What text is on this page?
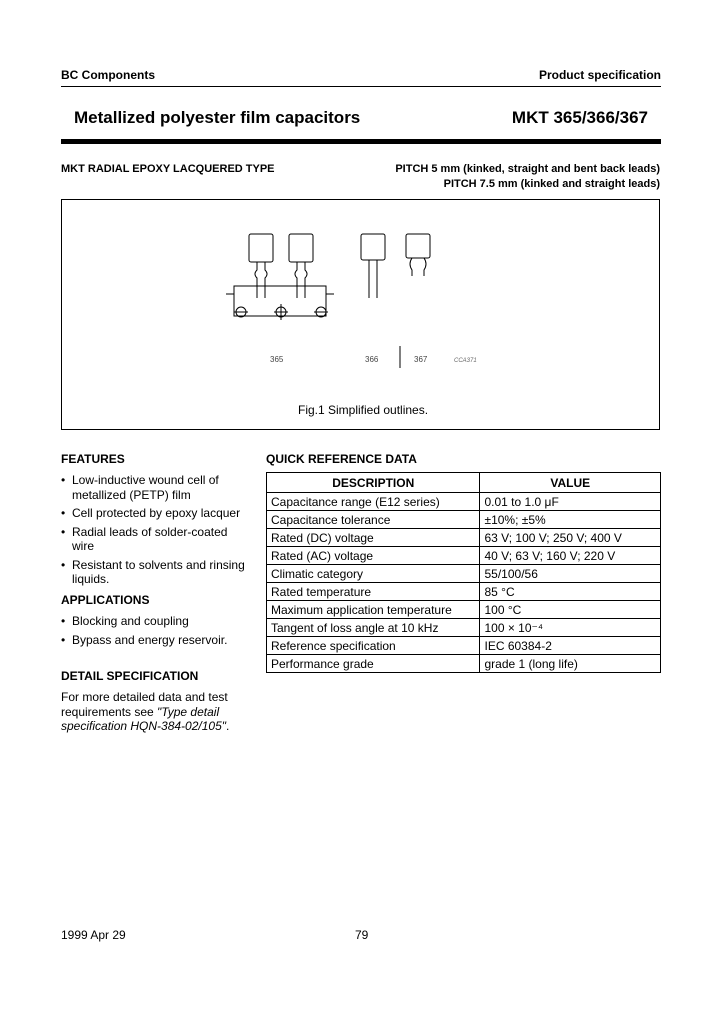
BC Components	Product specification
Metallized polyester film capacitors	MKT 365/366/367
MKT RADIAL EPOXY LACQUERED TYPE	PITCH 5 mm (kinked, straight and bent back leads)
PITCH 7.5 mm (kinked and straight leads)
365	366	367	CCA371
Fig.1 Simplified outlines.
FEATURES
• Low-inductive wound cell of metallized (PETP) film
• Cell protected by epoxy lacquer
• Radial leads of solder-coated wire
• Resistant to solvents and rinsing liquids.
APPLICATIONS
• Blocking and coupling
• Bypass and energy reservoir.
DETAIL SPECIFICATION
For more detailed data and test requirements see "Type detail specification HQN-384-02/105".
QUICK REFERENCE DATA
DESCRIPTION	VALUE
Capacitance range (E12 series)	0.01 to 1.0 μF
Capacitance tolerance	±10%; ±5%
Rated (DC) voltage	63 V; 100 V; 250 V; 400 V
Rated (AC) voltage	40 V; 63 V; 160 V; 220 V
Climatic category	55/100/56
Rated temperature	85 °C
Maximum application temperature	100 °C
Tangent of loss angle at 10 kHz	100 × 10⁻⁴
Reference specification	IEC 60384-2
Performance grade	grade 1 (long life)
1999 Apr 29	79
